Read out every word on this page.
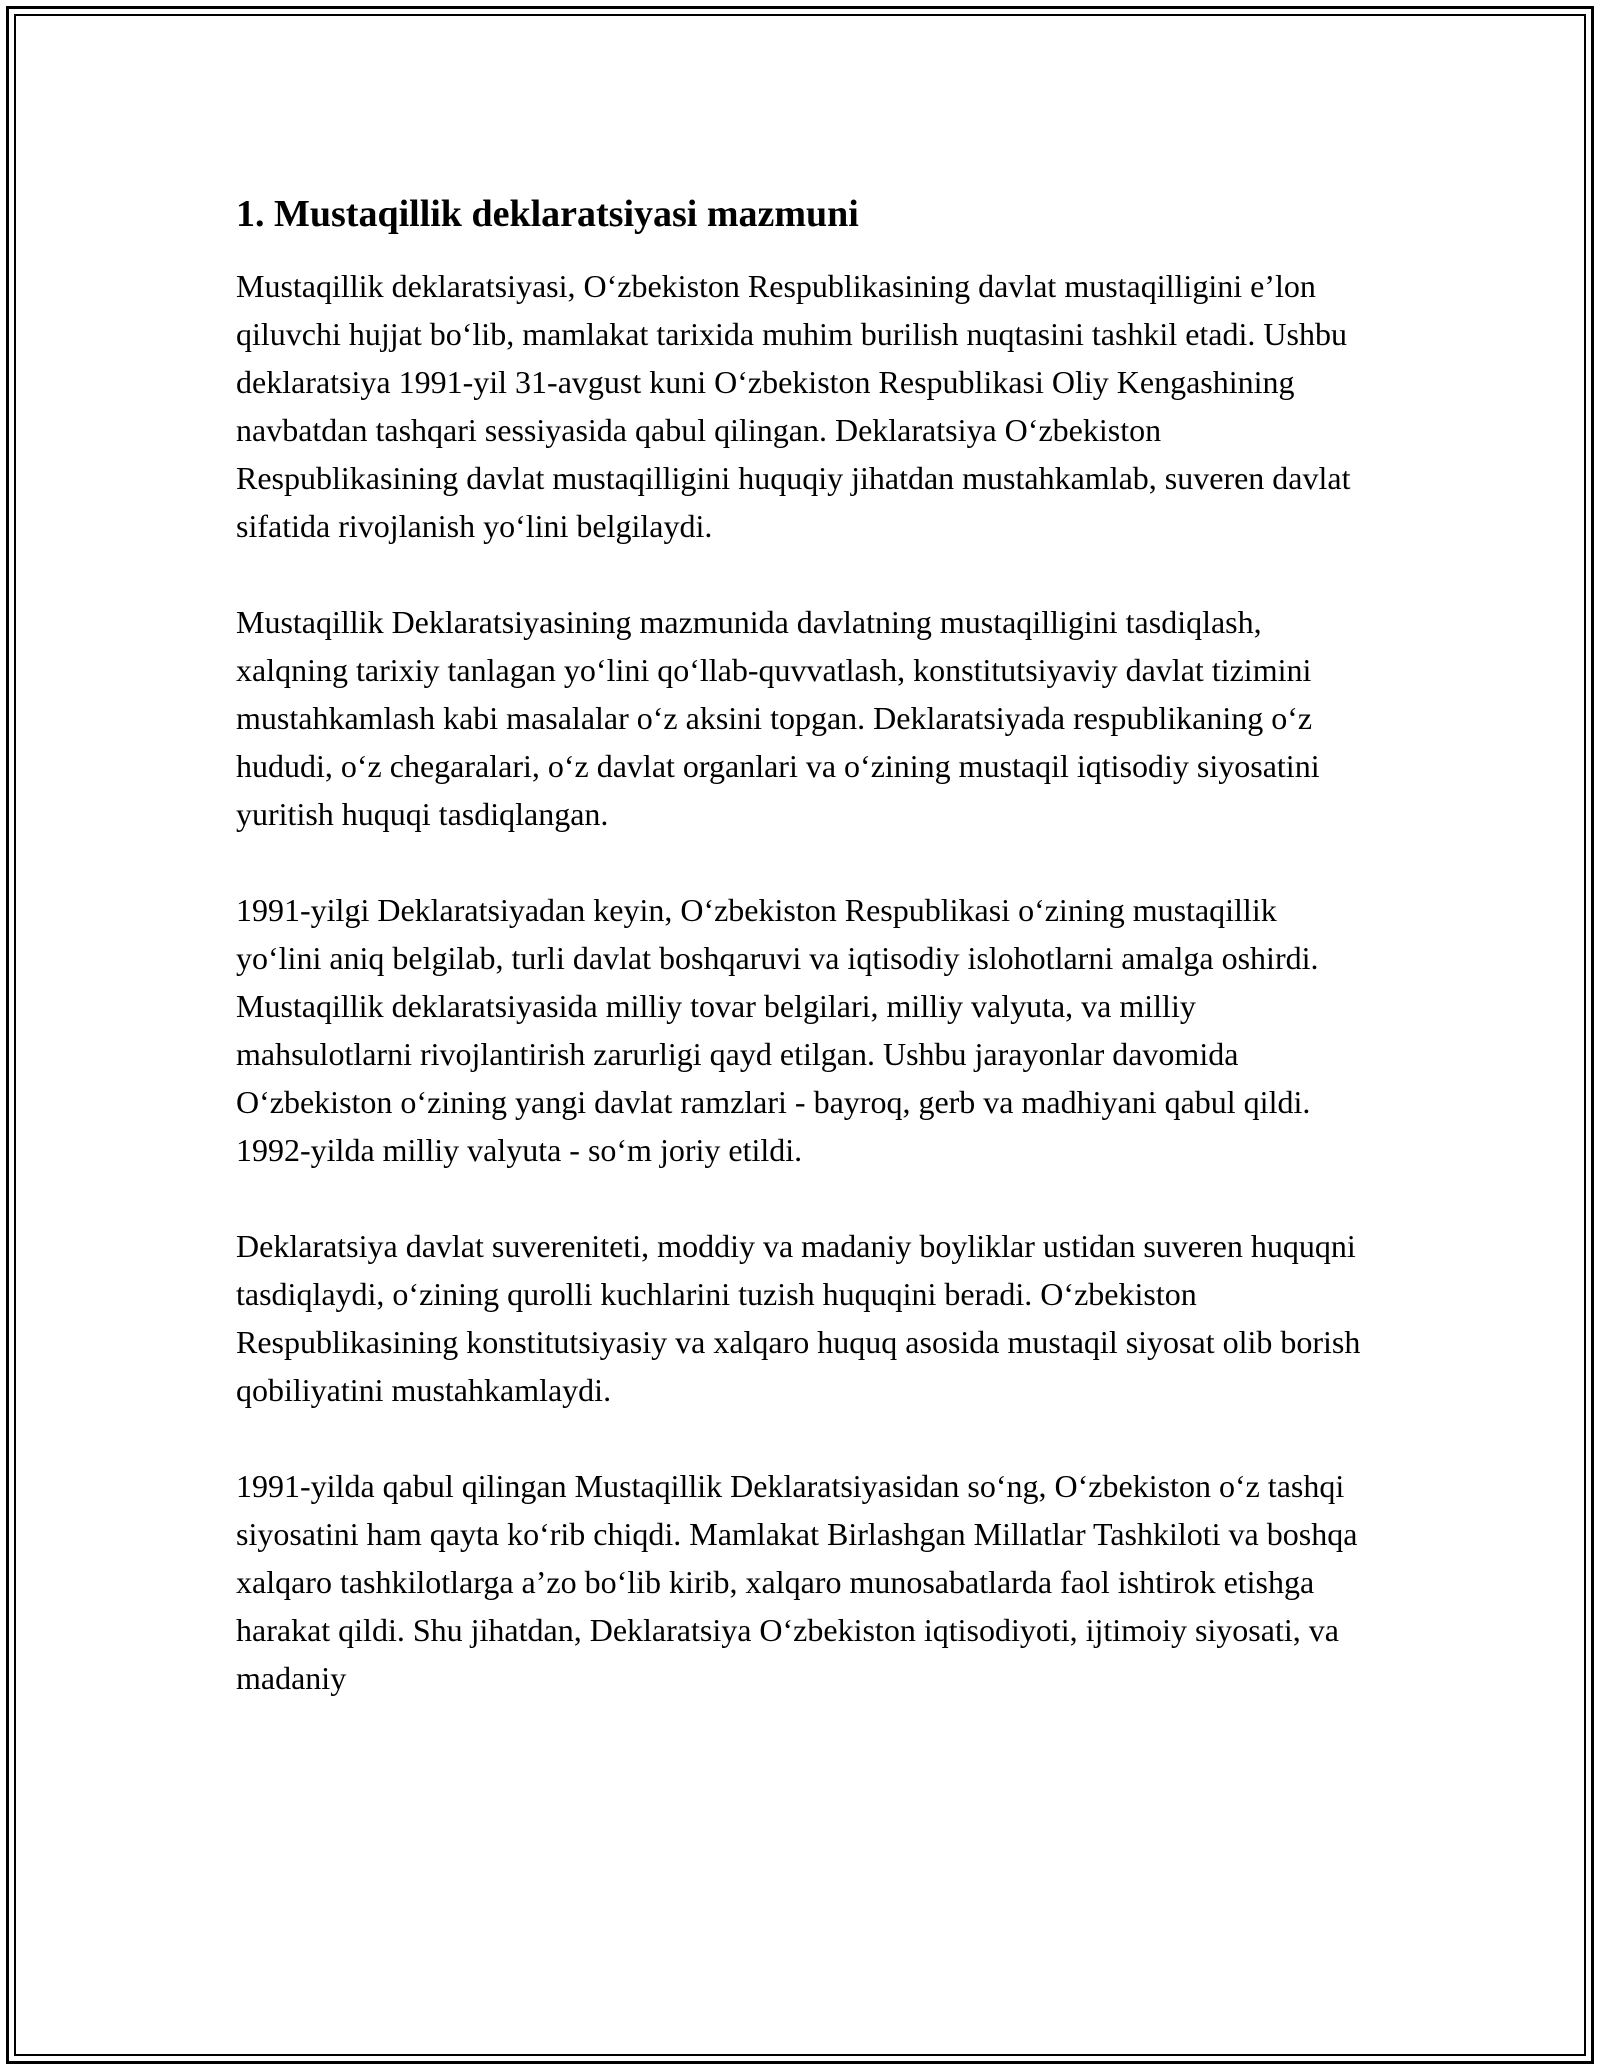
1. Mustaqillik deklaratsiyasi mazmuni

Mustaqillik deklaratsiyasi, O‘zbekiston Respublikasining davlat mustaqilligini e’lon qiluvchi hujjat bo‘lib, mamlakat tarixida muhim burilish nuqtasini tashkil etadi. Ushbu deklaratsiya 1991-yil 31-avgust kuni O‘zbekiston Respublikasi Oliy Kengashining navbatdan tashqari sessiyasida qabul qilingan. Deklaratsiya O‘zbekiston Respublikasining davlat mustaqilligini huquqiy jihatdan mustahkamlab, suveren davlat sifatida rivojlanish yo‘lini belgilaydi.

Mustaqillik Deklaratsiyasining mazmunida davlatning mustaqilligini tasdiqlash, xalqning tarixiy tanlagan yo‘lini qo‘llab-quvvatlash, konstitutsiyaviy davlat tizimini mustahkamlash kabi masalalar o‘z aksini topgan. Deklaratsiyada respublikaning o‘z hududi, o‘z chegaralari, o‘z davlat organlari va o‘zining mustaqil iqtisodiy siyosatini yuritish huquqi tasdiqlangan.

1991-yilgi Deklaratsiyadan keyin, O‘zbekiston Respublikasi o‘zining mustaqillik yo‘lini aniq belgilab, turli davlat boshqaruvi va iqtisodiy islohotlarni amalga oshirdi. Mustaqillik deklaratsiyasida milliy tovar belgilari, milliy valyuta, va milliy mahsulotlarni rivojlantirish zarurligi qayd etilgan. Ushbu jarayonlar davomida O‘zbekiston o‘zining yangi davlat ramzlari - bayroq, gerb va madhiyani qabul qildi. 1992-yilda milliy valyuta - so‘m joriy etildi.

Deklaratsiya davlat suvereniteti, moddiy va madaniy boyliklar ustidan suveren huquqni tasdiqlaydi, o‘zining qurolli kuchlarini tuzish huquqini beradi. O‘zbekiston Respublikasining konstitutsiyasiy va xalqaro huquq asosida mustaqil siyosat olib borish qobiliyatini mustahkamlaydi.

1991-yilda qabul qilingan Mustaqillik Deklaratsiyasidan so‘ng, O‘zbekiston o‘z tashqi siyosatini ham qayta ko‘rib chiqdi. Mamlakat Birlashgan Millatlar Tashkiloti va boshqa xalqaro tashkilotlarga a’zo bo‘lib kirib, xalqaro munosabatlarda faol ishtirok etishga harakat qildi. Shu jihatdan, Deklaratsiya O‘zbekiston iqtisodiyoti, ijtimoiy siyosati, va madaniy
